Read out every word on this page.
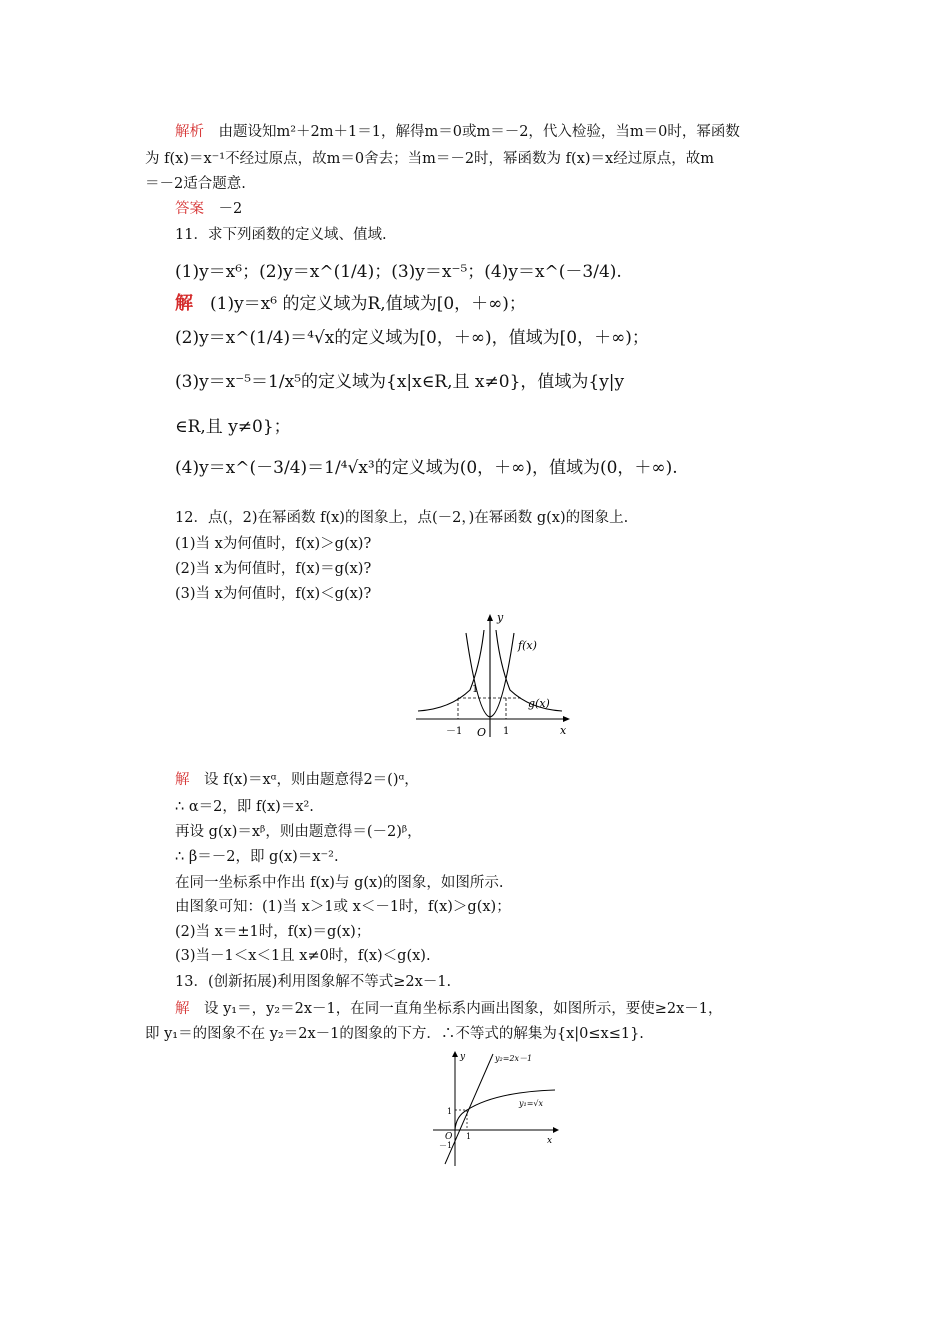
解析　由题设知m²＋2m＋1＝1，解得m＝0或m＝－2，代入检验，当m＝0时，幂函数
为 f(x)＝x⁻¹不经过原点，故m＝0舍去；当m＝－2时，幂函数为 f(x)＝x经过原点，故m
＝－2适合题意.
答案　－2
11．求下列函数的定义域、值域.
(1)y＝x⁶；(2)y＝x^(1/4)；(3)y＝x⁻⁵；(4)y＝x^(－3/4).
解　(1)y＝x⁶ 的定义域为R,值域为[0，＋∞)；
(2)y＝x^(1/4)＝⁴√x的定义域为[0，＋∞)，值域为[0，＋∞)；
(3)y＝x⁻⁵＝1/x⁵的定义域为{x|x∈R,且 x≠0}，值域为{y|y
∈R,且 y≠0}；
(4)y＝x^(－3/4)＝1/⁴√x³的定义域为(0，＋∞)，值域为(0，＋∞).
12．点(，2)在幂函数 f(x)的图象上，点(－2，)在幂函数 g(x)的图象上.
(1)当 x为何值时，f(x)＞g(x)?
(2)当 x为何值时，f(x)＝g(x)?
(3)当 x为何值时，f(x)＜g(x)?
y
x
f(x)
g(x)
O
－1	1
1
解　设 f(x)＝xᵅ，则由题意得2＝()ᵅ，
∴ α＝2，即 f(x)＝x².
再设 g(x)＝xᵝ，则由题意得＝(－2)ᵝ，
∴ β＝－2，即 g(x)＝x⁻².
在同一坐标系中作出 f(x)与 g(x)的图象，如图所示.
由图象可知：(1)当 x＞1或 x＜－1时，f(x)＞g(x)；
(2)当 x＝±1时，f(x)＝g(x)；
(3)当－1＜x＜1且 x≠0时，f(x)＜g(x).
13．(创新拓展)利用图象解不等式≥2x－1.
解　设 y₁＝，y₂＝2x－1，在同一直角坐标系内画出图象，如图所示，要使≥2x－1，
即 y₁＝的图象不在 y₂＝2x－1的图象的下方．∴不等式的解集为{x|0≤x≤1}.
y
x
y₂=2x－1
y₁=√x
O 1
1
－1
